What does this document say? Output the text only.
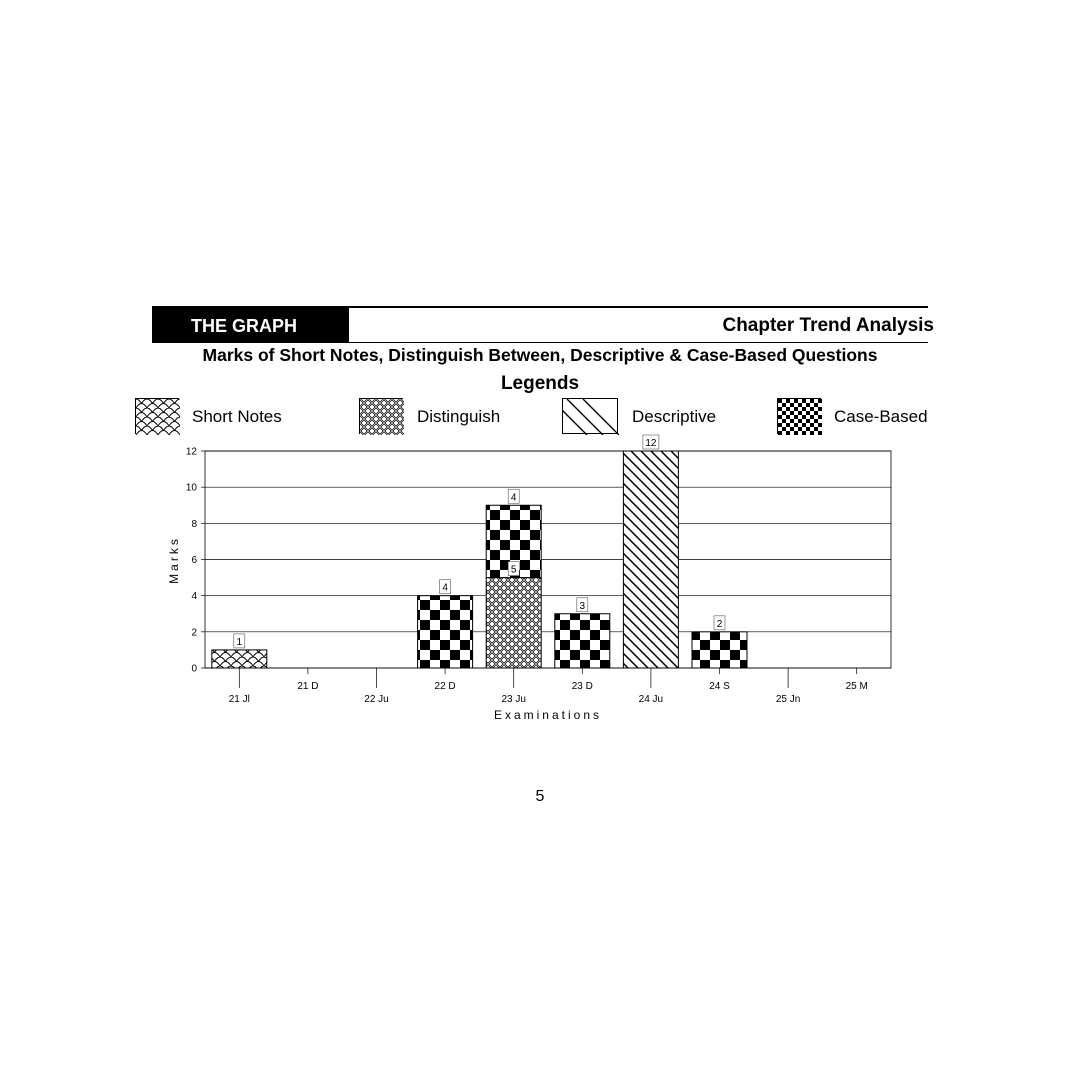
THE GRAPH	Chapter Trend Analysis
Marks of Short Notes, Distinguish Between, Descriptive & Case-Based Questions
Legends
Short Notes	Distinguish	Descriptive	Case-Based
0
2
4
6
8
10
12
21 Jl
21 D
22 Ju
22 D
23 Ju
23 D
24 Ju
24 S
25 Jn
25 M
1
5
12
4
4
3
2
Marks
Examinations
5
